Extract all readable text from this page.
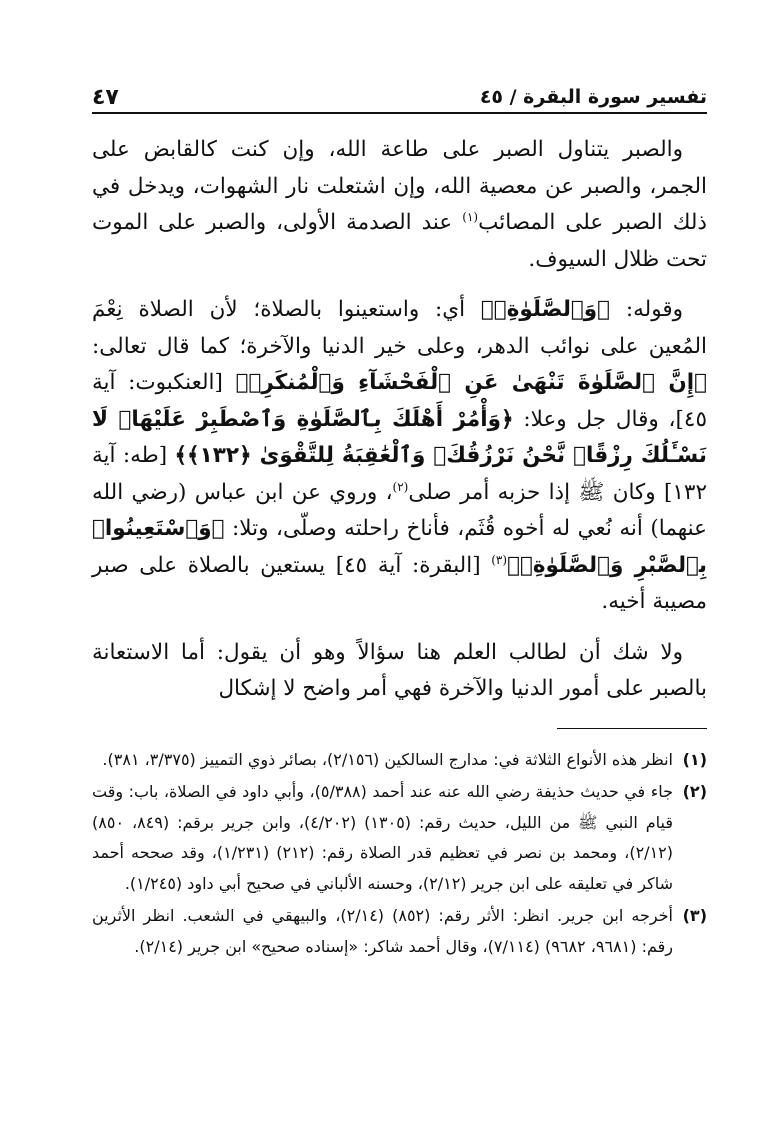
تفسير سورة البقرة / ٤٥
٤٧

والصبر يتناول الصبر على طاعة الله، وإن كنت كالقابض على الجمر، والصبر عن معصية الله، وإن اشتعلت نار الشهوات، ويدخل في ذلك الصبر على المصائب$^{(١)}$ عند الصدمة الأولى، والصبر على الموت تحت ظلال السيوف.

وقوله: ﴿وَٱلصَّلَوٰةِۚ﴾ أي: واستعينوا بالصلاة؛ لأن الصلاة نِعْمَ المُعين على نوائب الدهر، وعلى خير الدنيا والآخرة؛ كما قال تعالى: ﴿إِنَّ ٱلصَّلَوٰةَ تَنْهَىٰ عَنِ ٱلْفَحْشَآءِ وَٱلْمُنكَرِۗ﴾ [العنكبوت: آية ٤٥]، وقال جل وعلا: ﴿وَأْمُرْ أَهْلَكَ بِٱلصَّلَوٰةِ وَٱصْطَبِرْ عَلَيْهَاۖ لَا نَسْـَٔلُكَ رِزْقًاۖ نَّحْنُ نَرْزُقُكَۗ وَٱلْعَٰقِبَةُ لِلتَّقْوَىٰ ﴿١٣٢﴾﴾ [طه: آية ١٣٢] وكان ﷺ إذا حزبه أمر صلى$^{(٢)}$، وروي عن ابن عباس (رضي الله عنهما) أنه نُعي له أخوه قُثَم، فأناخ راحلته وصلّى، وتلا: ﴿وَٱسْتَعِينُوا۟ بِٱلصَّبْرِ وَٱلصَّلَوٰةِۚ﴾$^{(٣)}$ [البقرة: آية ٤٥] يستعين بالصلاة على صبر مصيبة أخيه.

ولا شك أن لطالب العلم هنا سؤالاً وهو أن يقول: أما الاستعانة بالصبر على أمور الدنيا والآخرة فهي أمر واضح لا إشكال

(١)
انظر هذه الأنواع الثلاثة في: مدارج السالكين (٢/١٥٦)، بصائر ذوي التمييز (٣/٣٧٥، ٣٨١).
(٢)
جاء في حديث حذيفة رضي الله عنه عند أحمد (٥/٣٨٨)، وأبي داود في الصلاة، باب: وقت قيام النبي ﷺ من الليل، حديث رقم: (١٣٠٥) (٤/٢٠٢)، وابن جرير برقم: (٨٤٩، ٨٥٠) (٢/١٢)، ومحمد بن نصر في تعظيم قدر الصلاة رقم: (٢١٢) (١/٢٣١)، وقد صححه أحمد شاكر في تعليقه على ابن جرير (٢/١٢)، وحسنه الألباني في صحيح أبي داود (١/٢٤٥).
(٣)
أخرجه ابن جرير. انظر: الأثر رقم: (٨٥٢) (٢/١٤)، والبيهقي في الشعب. انظر الأثرين رقم: (٩٦٨١، ٩٦٨٢) (٧/١١٤)، وقال أحمد شاكر: «إسناده صحيح» ابن جرير (٢/١٤).
